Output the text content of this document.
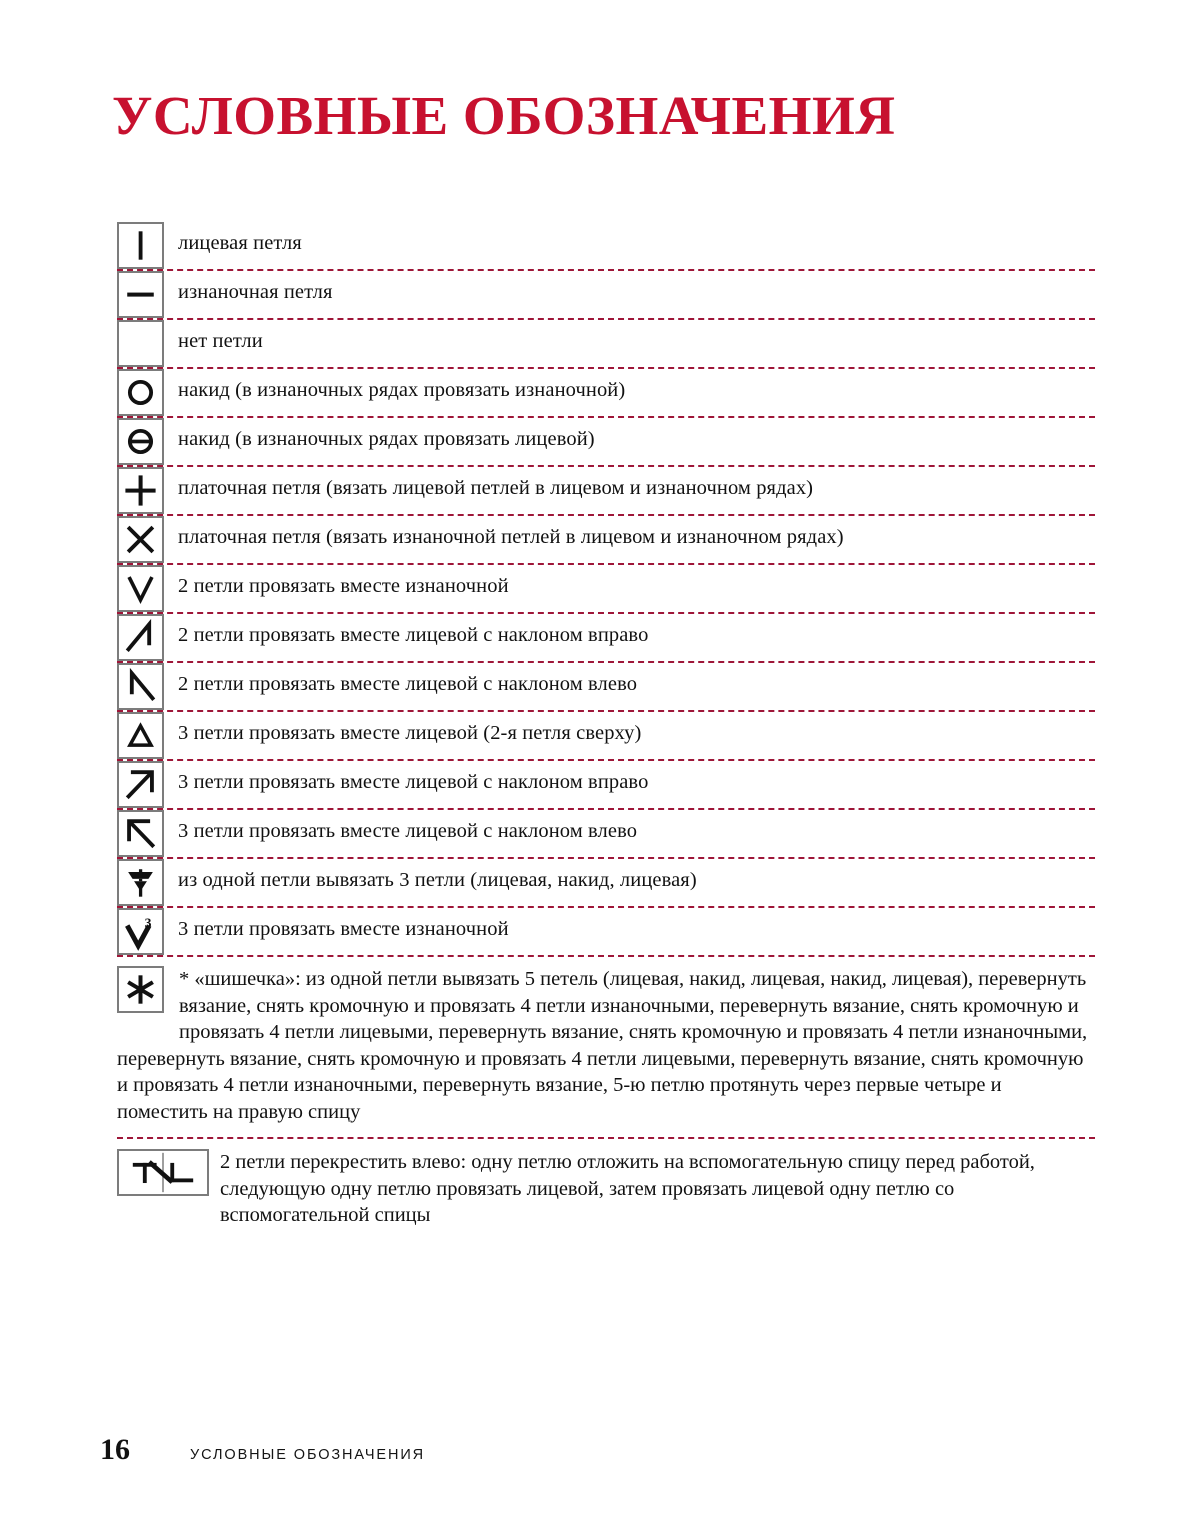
УСЛОВНЫЕ ОБОЗНАЧЕНИЯ
лицевая петля
изнаночная петля
нет петли
накид (в изнаночных рядах провязать изнаночной)
накид (в изнаночных рядах провязать лицевой)
платочная петля (вязать лицевой петлей в лицевом и изнаночном рядах)
платочная петля (вязать изнаночной петлей в лицевом и изнаночном рядах)
2 петли провязать вместе изнаночной
2 петли провязать вместе лицевой с наклоном вправо
2 петли провязать вместе лицевой с наклоном влево
3 петли провязать вместе лицевой (2-я петля сверху)
3 петли провязать вместе лицевой с наклоном вправо
3 петли провязать вместе лицевой с наклоном влево
из одной петли вывязать 3 петли (лицевая, накид, лицевая)
3	3 петли провязать вместе изнаночной

* «шишечка»: из одной петли вывязать 5 петель (лицевая, накид, лицевая, накид, лицевая), перевернуть вязание, снять кромочную и провязать 4 петли изнаночными, перевернуть вязание, снять кромочную и провязать 4 петли лицевыми, перевернуть вязание, снять кромочную и провязать 4 петли изнаночными, перевернуть вязание, снять кромочную и провязать 4 петли лицевыми, перевернуть вязание, снять кромочную и провязать 4 петли изнаночными, перевернуть вязание, 5-ю петлю протянуть через первые четыре и поместить на правую спицу

2 петли перекрестить влево: одну петлю отложить на вспомогательную спицу перед работой, следующую одну петлю провязать лицевой, затем провязать лицевой одну петлю со вспомогательной спицы

16	УСЛОВНЫЕ ОБОЗНАЧЕНИЯ
